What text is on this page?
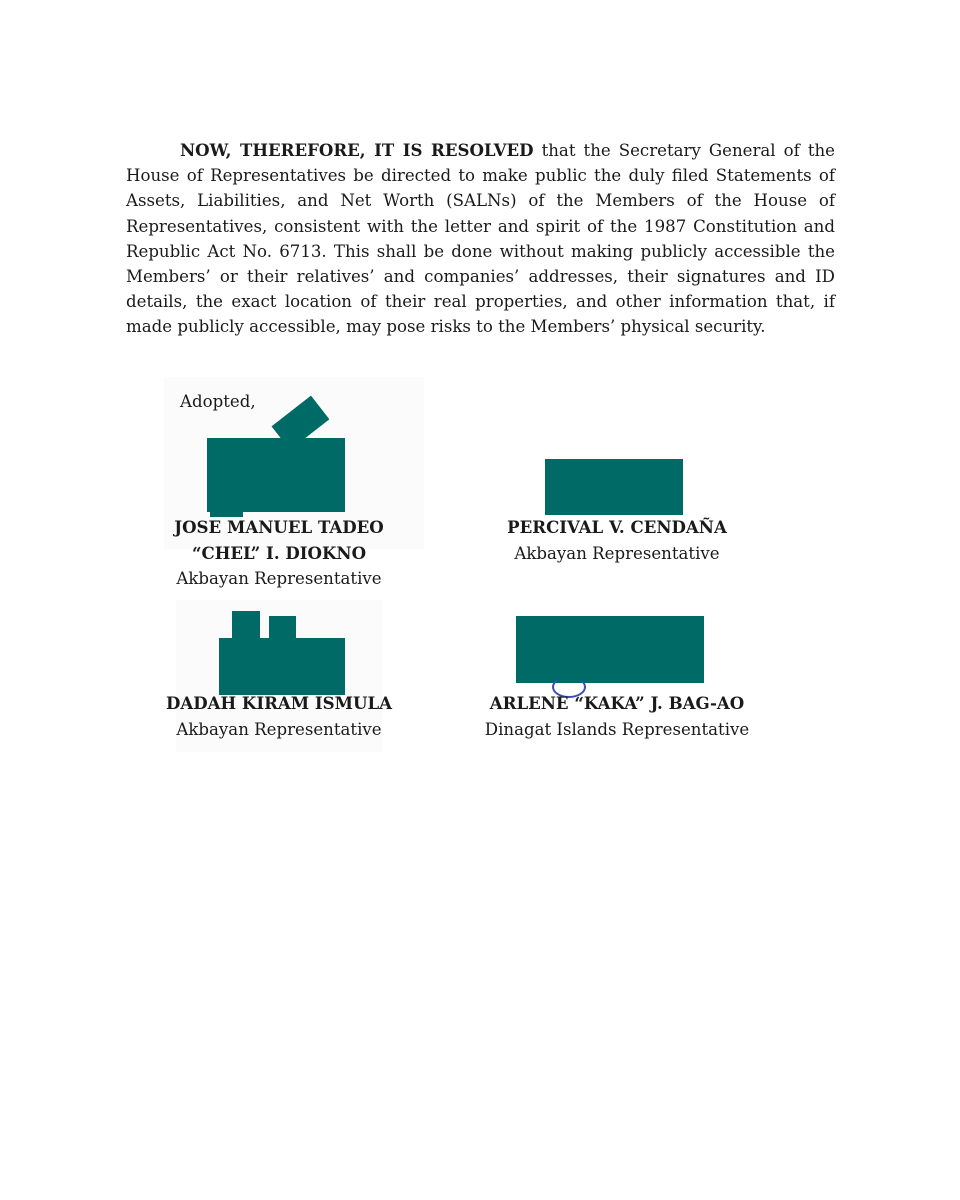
NOW, THEREFORE, IT IS RESOLVED that the Secretary General of the House of Representatives be directed to make public the duly filed Statements of Assets, Liabilities, and Net Worth (SALNs) of the Members of the House of Representatives, consistent with the letter and spirit of the 1987 Constitution and Republic Act No. 6713. This shall be done without making publicly accessible the Members’ or their relatives’ and companies’ addresses, their signatures and ID details, the exact location of their real properties, and other information that, if made publicly accessible, may pose risks to the Members’ physical security.

Adopted,
JOSE MANUEL TADEO
“CHEL” I. DIOKNO
Akbayan Representative
PERCIVAL V. CENDAÑA
Akbayan Representative
DADAH KIRAM ISMULA
Akbayan Representative
ARLENE “KAKA” J. BAG-AO
Dinagat Islands Representative
